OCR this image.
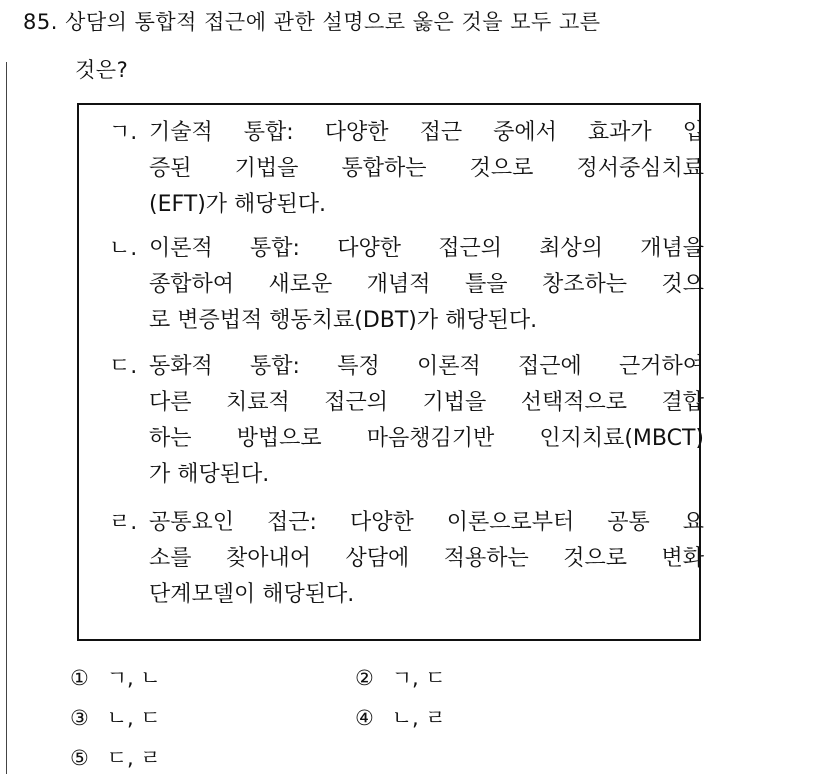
85. 상담의 통합적 접근에 관한 설명으로 옳은 것을 모두 고른
것은?
ㄱ. 기술적 통합: 다양한 접근 중에서 효과가 입
증된 기법을 통합하는 것으로 정서중심치료
(EFT)가 해당된다.
ㄴ. 이론적 통합: 다양한 접근의 최상의 개념을
종합하여 새로운 개념적 틀을 창조하는 것으
로 변증법적 행동치료(DBT)가 해당된다.
ㄷ. 동화적 통합: 특정 이론적 접근에 근거하여
다른 치료적 접근의 기법을 선택적으로 결합
하는 방법으로 마음챙김기반 인지치료(MBCT)
가 해당된다.
ㄹ. 공통요인 접근: 다양한 이론으로부터 공통 요
소를 찾아내어 상담에 적용하는 것으로 변화
단계모델이 해당된다.
① ㄱ, ㄴ	② ㄱ, ㄷ
③ ㄴ, ㄷ	④ ㄴ, ㄹ
⑤ ㄷ, ㄹ
